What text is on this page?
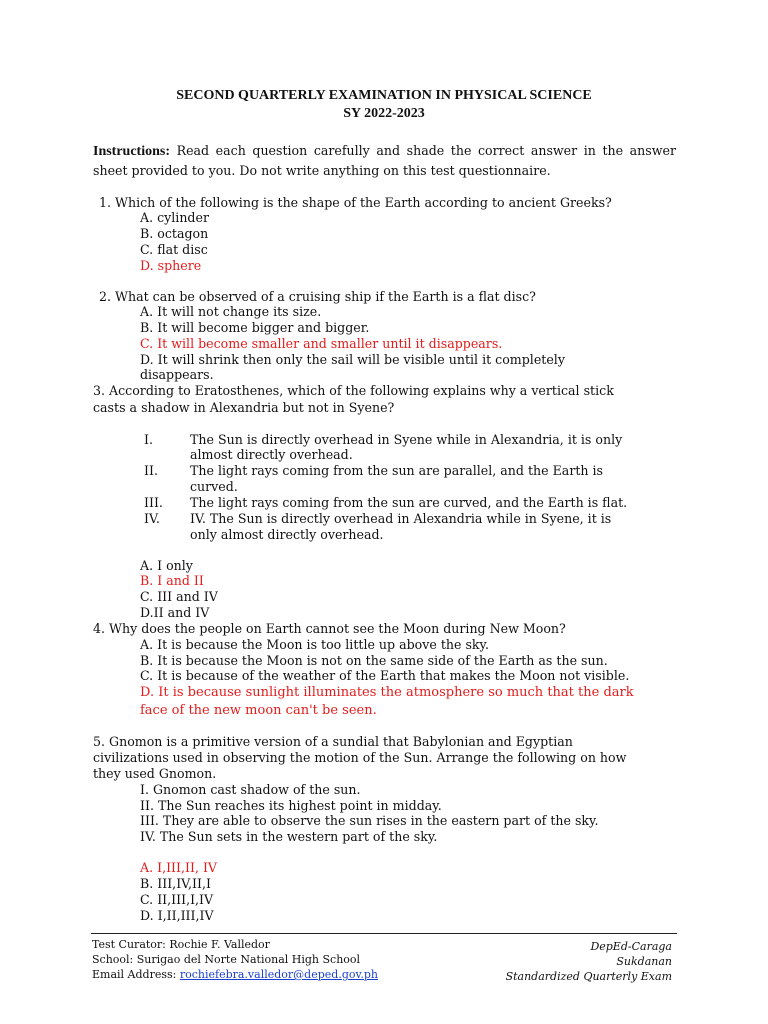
SECOND QUARTERLY EXAMINATION IN PHYSICAL SCIENCE
SY 2022-2023
Instructions: Read each question carefully and shade the correct answer in the answer sheet provided to you. Do not write anything on this test questionnaire.
1. Which of the following is the shape of the Earth according to ancient Greeks?
A. cylinder
B. octagon
C. flat disc
D. sphere
2. What can be observed of a cruising ship if the Earth is a flat disc?
A. It will not change its size.
B. It will become bigger and bigger.
C. It will become smaller and smaller until it disappears.
D. It will shrink then only the sail will be visible until it completely
disappears.
3. According to Eratosthenes, which of the following explains why a vertical stick
casts a shadow in Alexandria but not in Syene?
I.	The Sun is directly overhead in Syene while in Alexandria, it is only
almost directly overhead.
II.	The light rays coming from the sun are parallel, and the Earth is
curved.
III. The light rays coming from the sun are curved, and the Earth is flat.
IV. IV. The Sun is directly overhead in Alexandria while in Syene, it is
only almost directly overhead.
A. I only
B. I and II
C. III and IV
D.II and IV
4. Why does the people on Earth cannot see the Moon during New Moon?
A. It is because the Moon is too little up above the sky.
B. It is because the Moon is not on the same side of the Earth as the sun.
C. It is because of the weather of the Earth that makes the Moon not visible.
D. It is because sunlight illuminates the atmosphere so much that the dark
face of the new moon can't be seen.
5. Gnomon is a primitive version of a sundial that Babylonian and Egyptian
civilizations used in observing the motion of the Sun. Arrange the following on how
they used Gnomon.
I. Gnomon cast shadow of the sun.
II. The Sun reaches its highest point in midday.
III. They are able to observe the sun rises in the eastern part of the sky.
IV. The Sun sets in the western part of the sky.
A. I,III,II, IV
B. III,IV,II,I
C. II,III,I,IV
D. I,II,III,IV
Test Curator: Rochie F. Valledor
School: Surigao del Norte National High School
Email Address: rochiefebra.valledor@deped.gov.ph
DepEd-Caraga
Sukdanan
Standardized Quarterly Exam
